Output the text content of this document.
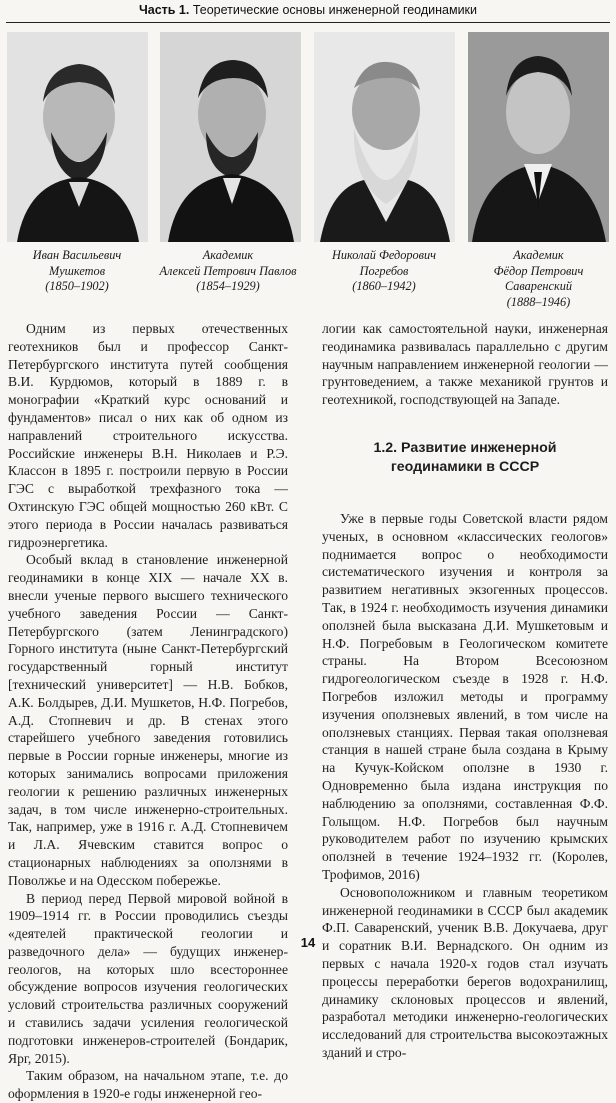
Часть 1. Теоретические основы инженерной геодинамики
Иван Васильевич
Мушкетов
(1850–1902)
Академик
Алексей Петрович Павлов
(1854–1929)
Николай Федорович
Погребов
(1860–1942)
Академик
Фёдор Петрович Саваренский
(1888–1946)

Одним из первых отечественных геотехников был и профессор Санкт-Петербургского института путей сообщения В.И. Курдюмов, который в 1889 г. в монографии «Краткий курс оснований и фундаментов» писал о них как об одном из направлений строительного искусства. Российские инженеры В.Н. Николаев и Р.Э. Классон в 1895 г. построили первую в России ГЭС с выработкой трехфазного тока — Охтинскую ГЭС общей мощностью 260 кВт. С этого периода в России началась развиваться гидроэнергетика.

Особый вклад в становление инженерной геодинамики в конце XIX — начале XX в. внесли ученые первого высшего технического учебного заведения России — Санкт-Петербургского (затем Ленинградского) Горного института (ныне Санкт-Петербургский государственный горный институт [технический университет] — Н.В. Бобков, А.К. Болдырев, Д.И. Мушкетов, Н.Ф. Погребов, А.Д. Стопневич и др. В стенах этого старейшего учебного заведения готовились первые в России горные инженеры, многие из которых занимались вопросами приложения геологии к решению различных инженерных задач, в том числе инженерно-строительных. Так, например, уже в 1916 г. А.Д. Стопневичем и Л.А. Ячевским ставится вопрос о стационарных наблюдениях за оползнями в Поволжье и на Одесском побережье.

В период перед Первой мировой войной в 1909–1914 гг. в России проводились съезды «деятелей практической геологии и разведочного дела» — будущих инженер-геологов, на которых шло всестороннее обсуждение вопросов изучения геологических условий строительства различных сооружений и ставились задачи усиления геологической подготовки инженеров-строителей (Бондарик, Ярг, 2015).

Таким образом, на начальном этапе, т.е. до оформления в 1920-е годы инженерной гео-

логии как самостоятельной науки, инженерная геодинамика развивалась параллельно с другим научным направлением инженерной геологии — грунтоведением, а также механикой грунтов и геотехникой, господствующей на Западе.

1.2. Развитие инженерной
геодинамики в СССР

Уже в первые годы Советской власти рядом ученых, в основном «классических геологов» поднимается вопрос о необходимости систематического изучения и контроля за развитием негативных экзогенных процессов. Так, в 1924 г. необходимость изучения динамики оползней была высказана Д.И. Мушкетовым и Н.Ф. Погребовым в Геологическом комитете страны. На Втором Всесоюзном гидрогеологическом съезде в 1928 г. Н.Ф. Погребов изложил методы и программу изучения оползневых явлений, в том числе на оползневых станциях. Первая такая оползневая станция в нашей стране была создана в Крыму на Кучук-Койском оползне в 1930 г. Одновременно была издана инструкция по наблюдению за оползнями, составленная Ф.Ф. Голыщом. Н.Ф. Погребов был научным руководителем работ по изучению крымских оползней в течение 1924–1932 гг. (Королев, Трофимов, 2016)

Основоположником и главным теоретиком инженерной геодинамики в СССР был академик Ф.П. Саваренский, ученик В.В. Докучаева, друг и соратник В.И. Вернадского. Он одним из первых с начала 1920-х годов стал изучать процессы переработки берегов водохранилищ, динамику склоновых процессов и явлений, разработал методики инженерно-геологических исследований для строительства высокоэтажных зданий и стро-

14
